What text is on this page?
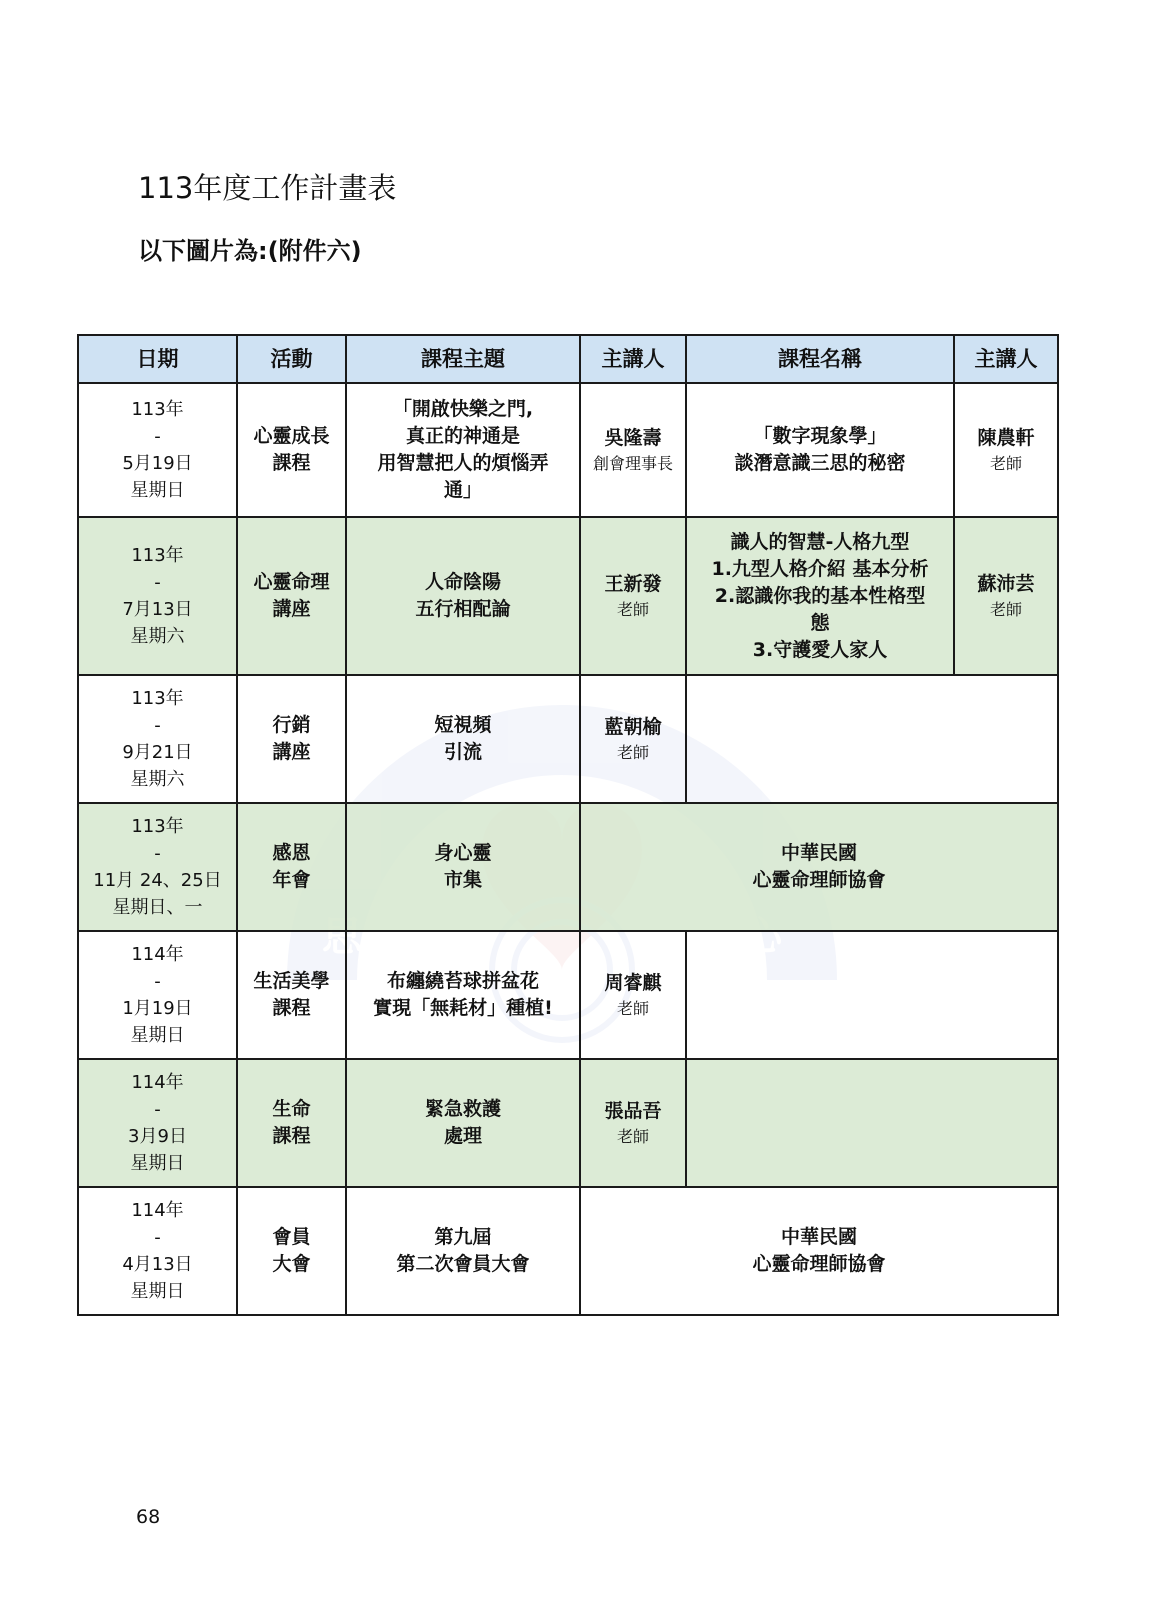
113年度工作計畫表
以下圖片為:(附件六)
日期	活動	課程主題	主講人	課程名稱	主講人

113年
-
5月19日
星期日	心靈成長
課程	「開啟快樂之門,
真正的神通是
用智慧把人的煩惱弄
通」	吳隆壽
創會理事長	「數字現象學」
談潛意識三思的秘密	陳農軒
老師

113年
-
7月13日
星期六	心靈命理
講座	人命陰陽
五行相配論	王新發
老師	識人的智慧-人格九型
1.九型人格介紹 基本分析
2.認識你我的基本性格型
態
3.守護愛人家人	蘇沛芸
老師

113年
-
9月21日
星期六	行銷
講座	短視頻
引流	藍朝榆
老師		

113年
-
11月 24、25日
星期日、一	感恩
年會	身心靈
市集	中華民國
心靈命理師協會		

114年
-
1月19日
星期日	生活美學
課程	布纏繞苔球拼盆花
實現「無耗材」種植!	周睿麒
老師		

114年
-
3月9日
星期日	生命
課程	緊急救護
處理	張品吾
老師		

114年
-
4月13日
星期日	會員
大會	第九屆
第二次會員大會	中華民國
心靈命理師協會		
68
